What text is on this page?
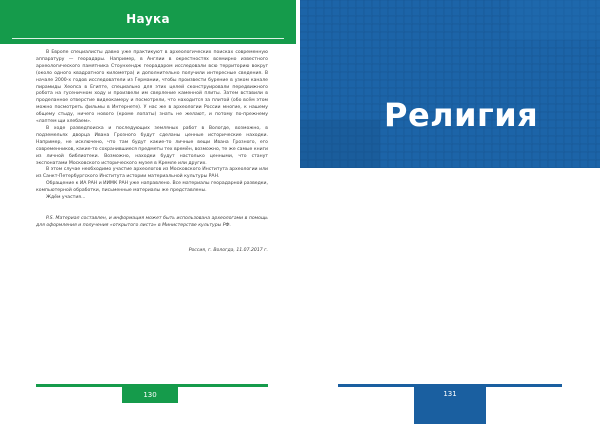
Наука

В Европе специалисты давно уже практикуют в археологических поисках современную аппаратуру — георадары. Например, в Англии в окрестностях всемирно известного археологического памятника Стоунхендж георадаром исследовали всю территорию вокруг (около одного квадратного километра) и дополнительно получили интересные сведения. В начале 2000-х годов исследователи из Германии, чтобы произвести бурение в узком канале пирамиды Хеопса в Египте, специально для этих целей сконструировали передвижного робота на гусеничном ходу и произвели им сверление каменной плиты. Затем вставили в проделанное отверстие видеокамеру и посмотрели, что находится за плитой (обо всём этом можно посмотреть фильмы в Интернете). У нас же в археологии России многие, к нашему общему стыду, ничего нового (кроме лопаты) знать не желают, и потому по-прежнему «лаптем щи хлебаем».

В ходе разведпоиска и последующих земляных работ в Вологде, возможно, в подземельях дворца Ивана Грозного будут сделаны ценные исторические находки. Например, не исключено, что там будут какие-то личные вещи Ивана Грозного, его современников, какие-то сохранившиеся предметы тех времён, возможно, те же самые книги из личной библиотеки. Возможно, находки будут настолько ценными, что станут экспонатами Московского исторического музея в Кремле или других.

В этом случае необходимо участие археологов из Московского Института археологии или из Санкт-Петербургского Института истории материальной культуры РАН.

Обращение к ИА РАН и ИИМК РАН уже направлено. Все материалы георадарной разведки, компьютерной обработки, письменные материалы же представлены.

Ждём участия...

P.S. Материал составлен, и информация может быть использована археологами в помощь для оформления и получения «открытого листа» в Министерстве культуры РФ.

Россия, г. Вологда, 11.07.2017 г.
130
Религия
131
